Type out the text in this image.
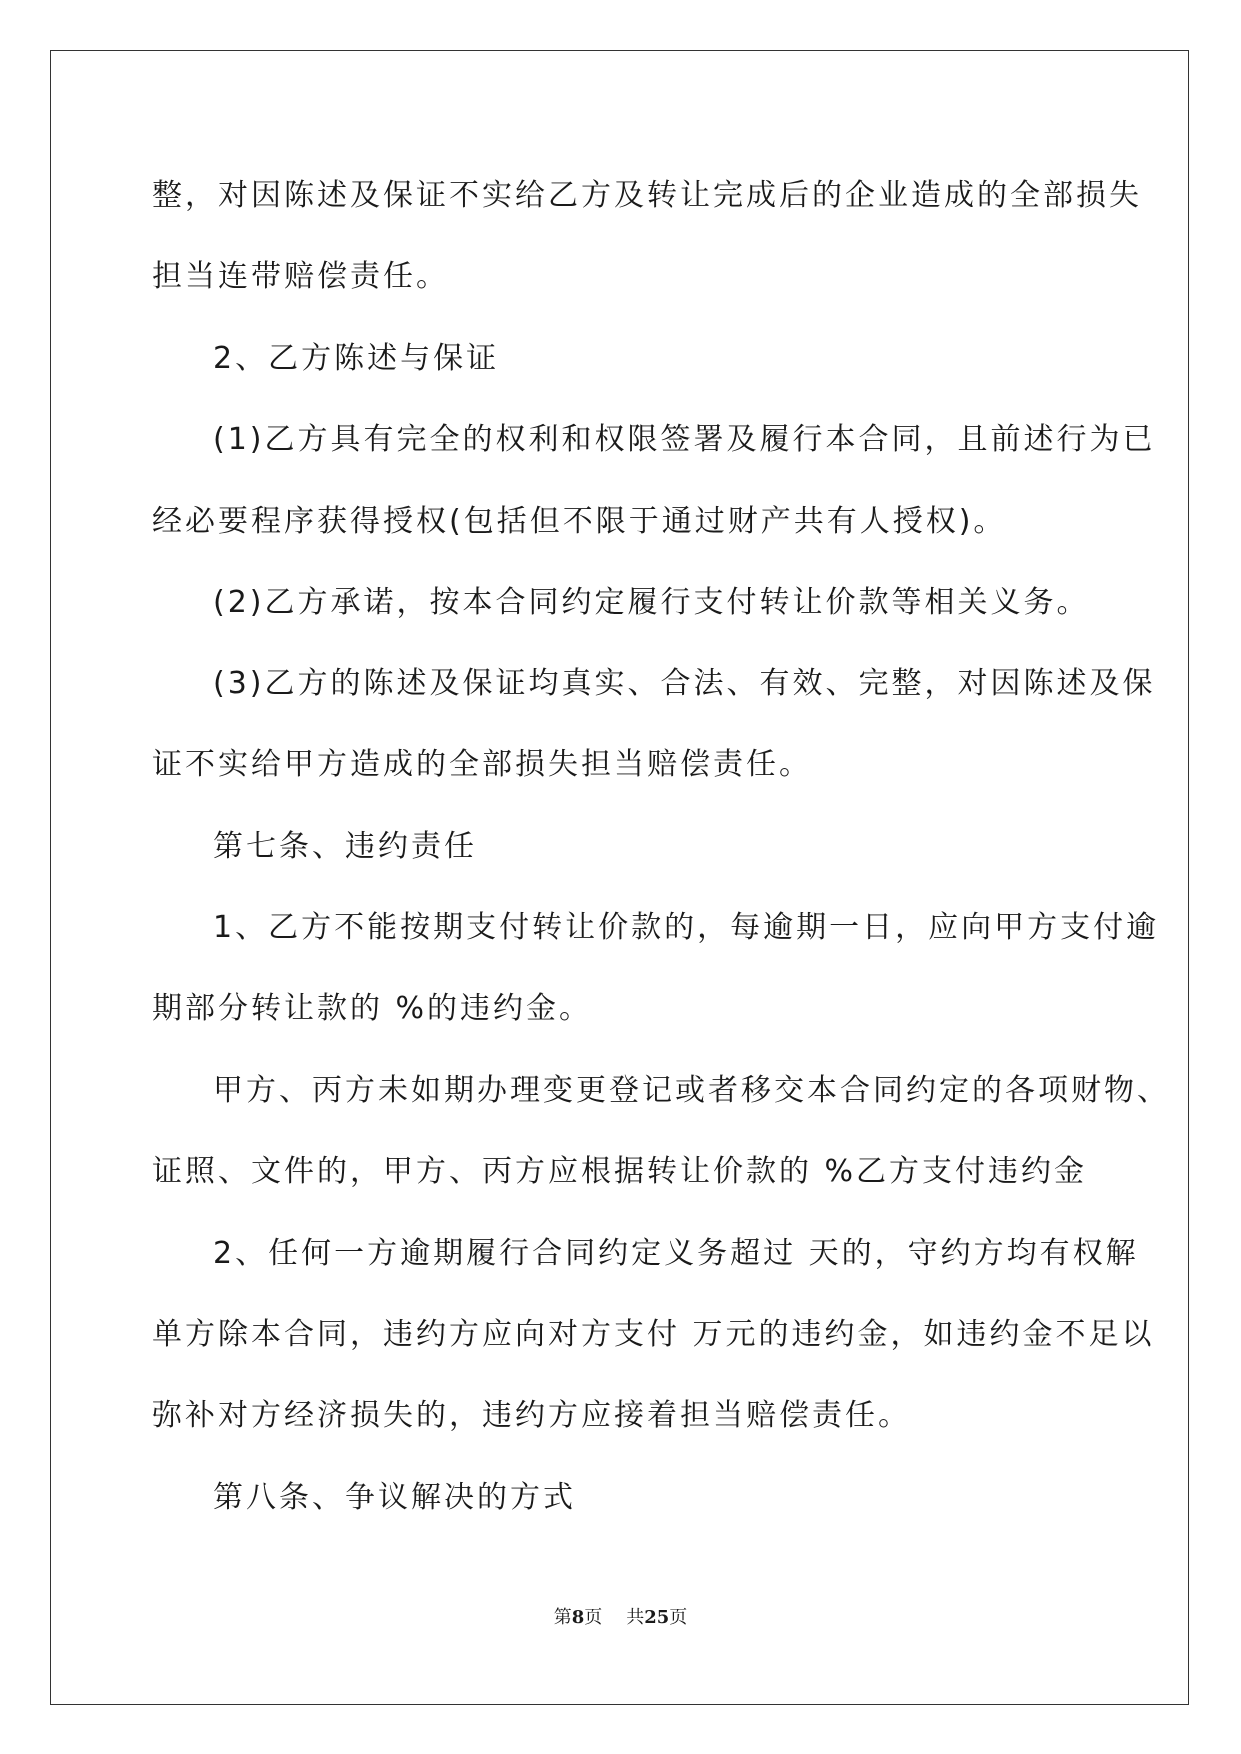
整，对因陈述及保证不实给乙方及转让完成后的企业造成的全部损失
担当连带赔偿责任。
2、乙方陈述与保证
(1)乙方具有完全的权利和权限签署及履行本合同，且前述行为已
经必要程序获得授权(包括但不限于通过财产共有人授权)。
(2)乙方承诺，按本合同约定履行支付转让价款等相关义务。
(3)乙方的陈述及保证均真实、合法、有效、完整，对因陈述及保
证不实给甲方造成的全部损失担当赔偿责任。
第七条、违约责任
1、乙方不能按期支付转让价款的，每逾期一日，应向甲方支付逾
期部分转让款的 %的违约金。
甲方、丙方未如期办理变更登记或者移交本合同约定的各项财物、
证照、文件的，甲方、丙方应根据转让价款的 %乙方支付违约金
2、任何一方逾期履行合同约定义务超过 天的，守约方均有权解
单方除本合同，违约方应向对方支付 万元的违约金，如违约金不足以
弥补对方经济损失的，违约方应接着担当赔偿责任。
第八条、争议解决的方式
第8页 共25页
